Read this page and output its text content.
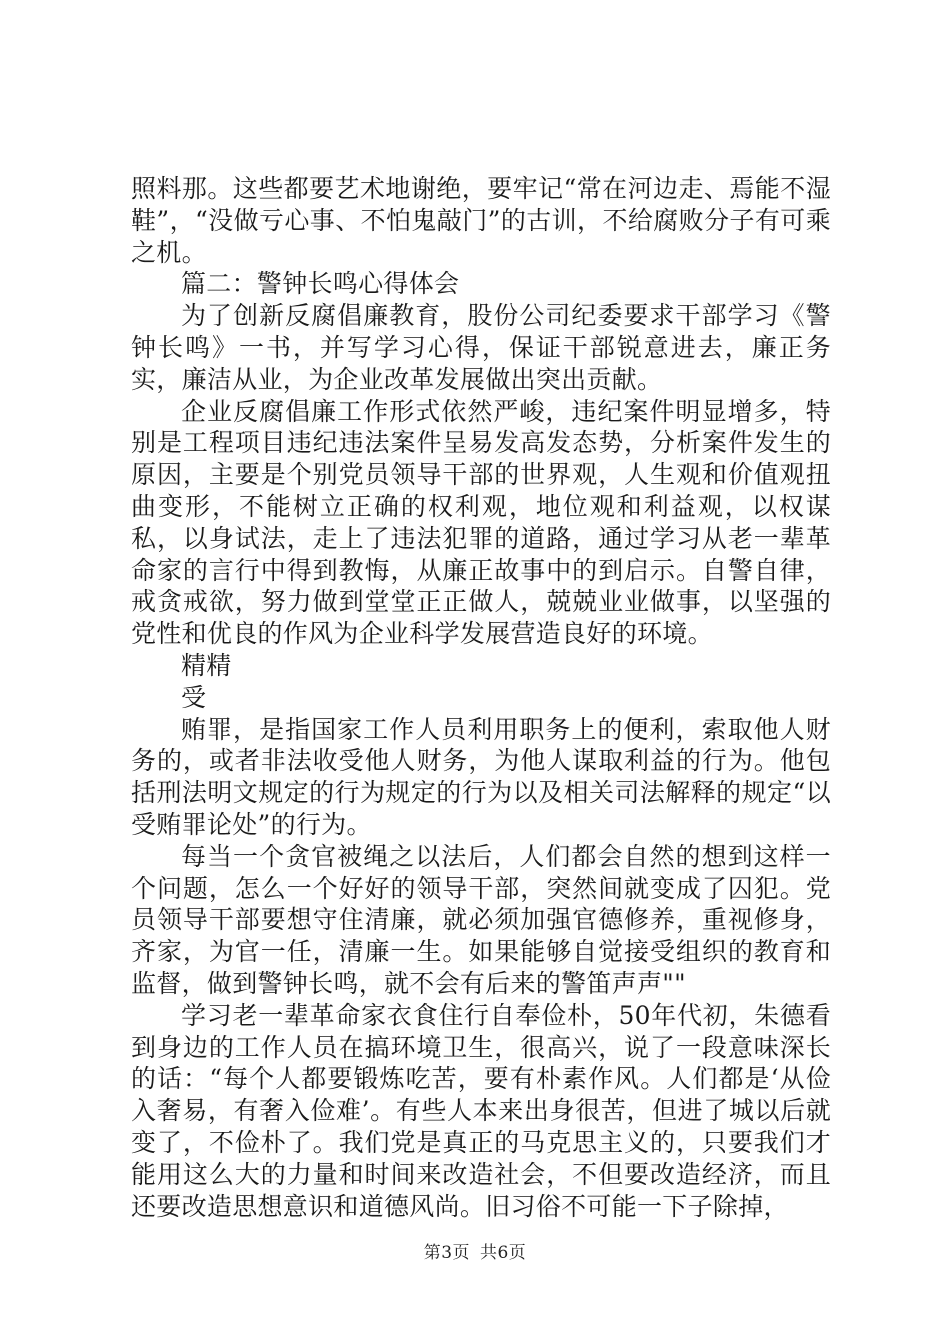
照料那。这些都要艺术地谢绝，要牢记“常在河边走、焉能不湿鞋”，“没做亏心事、不怕鬼敲门”的古训，不给腐败分子有可乘之机。

篇二：警钟长鸣心得体会

为了创新反腐倡廉教育，股份公司纪委要求干部学习《警钟长鸣》一书，并写学习心得，保证干部锐意进去，廉正务实，廉洁从业，为企业改革发展做出突出贡献。

企业反腐倡廉工作形式依然严峻，违纪案件明显增多，特别是工程项目违纪违法案件呈易发高发态势，分析案件发生的原因，主要是个别党员领导干部的世界观，人生观和价值观扭曲变形，不能树立正确的权利观，地位观和利益观，以权谋私，以身试法，走上了违法犯罪的道路，通过学习从老一辈革命家的言行中得到教悔，从廉正故事中的到启示。自警自律，戒贪戒欲，努力做到堂堂正正做人，兢兢业业做事，以坚强的党性和优良的作风为企业科学发展营造良好的环境。

精精

受

贿罪，是指国家工作人员利用职务上的便利，索取他人财务的，或者非法收受他人财务，为他人谋取利益的行为。他包括刑法明文规定的行为规定的行为以及相关司法解释的规定“以受贿罪论处”的行为。

每当一个贪官被绳之以法后，人们都会自然的想到这样一个问题，怎么一个好好的领导干部，突然间就变成了囚犯。党员领导干部要想守住清廉，就必须加强官德修养，重视修身，齐家，为官一任，清廉一生。如果能够自觉接受组织的教育和监督，做到警钟长鸣，就不会有后来的警笛声声""

学习老一辈革命家衣食住行自奉俭朴，50年代初，朱德看到身边的工作人员在搞环境卫生，很高兴，说了一段意味深长的话：“每个人都要锻炼吃苦，要有朴素作风。人们都是‘从俭入奢易，有奢入俭难’。有些人本来出身很苦，但进了城以后就变了，不俭朴了。我们党是真正的马克思主义的，只要我们才能用这么大的力量和时间来改造社会，不但要改造经济，而且还要改造思想意识和道德风尚。旧习俗不可能一下子除掉，

第3页 共6页
